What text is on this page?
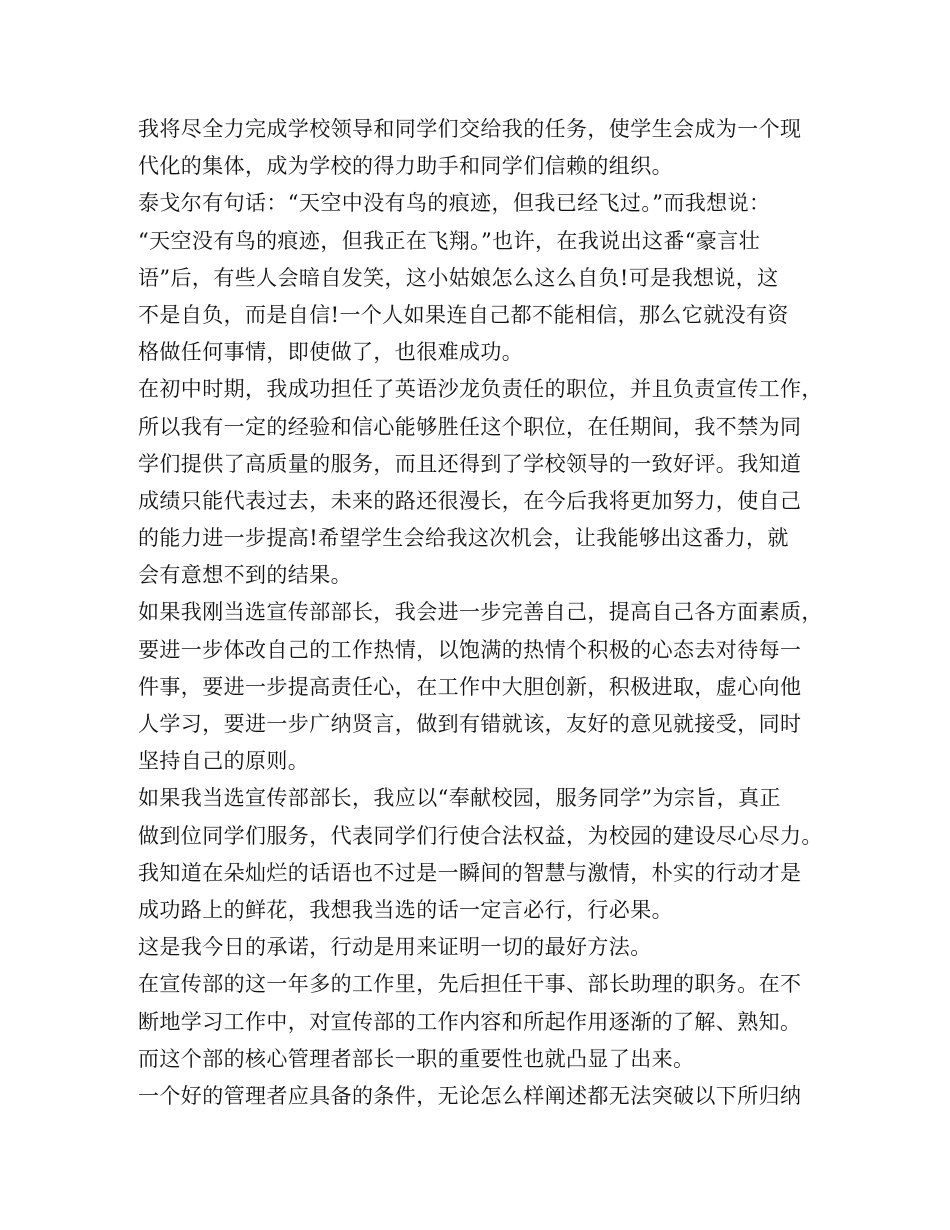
我将尽全力完成学校领导和同学们交给我的任务，使学生会成为一个现
代化的集体，成为学校的得力助手和同学们信赖的组织。
泰戈尔有句话：“天空中没有鸟的痕迹，但我已经飞过。”而我想说：
“天空没有鸟的痕迹，但我正在飞翔。”也许，在我说出这番“豪言壮
语”后，有些人会暗自发笑，这小姑娘怎么这么自负!可是我想说，这
不是自负，而是自信!一个人如果连自己都不能相信，那么它就没有资
格做任何事情，即使做了，也很难成功。
在初中时期，我成功担任了英语沙龙负责任的职位，并且负责宣传工作，
所以我有一定的经验和信心能够胜任这个职位，在任期间，我不禁为同
学们提供了高质量的服务，而且还得到了学校领导的一致好评。我知道
成绩只能代表过去，未来的路还很漫长，在今后我将更加努力，使自己
的能力进一步提高!希望学生会给我这次机会，让我能够出这番力，就
会有意想不到的结果。
如果我刚当选宣传部部长，我会进一步完善自己，提高自己各方面素质，
要进一步体改自己的工作热情，以饱满的热情个积极的心态去对待每一
件事，要进一步提高责任心，在工作中大胆创新，积极进取，虚心向他
人学习，要进一步广纳贤言，做到有错就该，友好的意见就接受，同时
坚持自己的原则。
如果我当选宣传部部长，我应以“奉献校园，服务同学”为宗旨，真正
做到位同学们服务，代表同学们行使合法权益，为校园的建设尽心尽力。
我知道在朵灿烂的话语也不过是一瞬间的智慧与激情，朴实的行动才是
成功路上的鲜花，我想我当选的话一定言必行，行必果。
这是我今日的承诺，行动是用来证明一切的最好方法。
在宣传部的这一年多的工作里，先后担任干事、部长助理的职务。在不
断地学习工作中，对宣传部的工作内容和所起作用逐渐的了解、熟知。
而这个部的核心管理者部长一职的重要性也就凸显了出来。
一个好的管理者应具备的条件，无论怎么样阐述都无法突破以下所归纳
